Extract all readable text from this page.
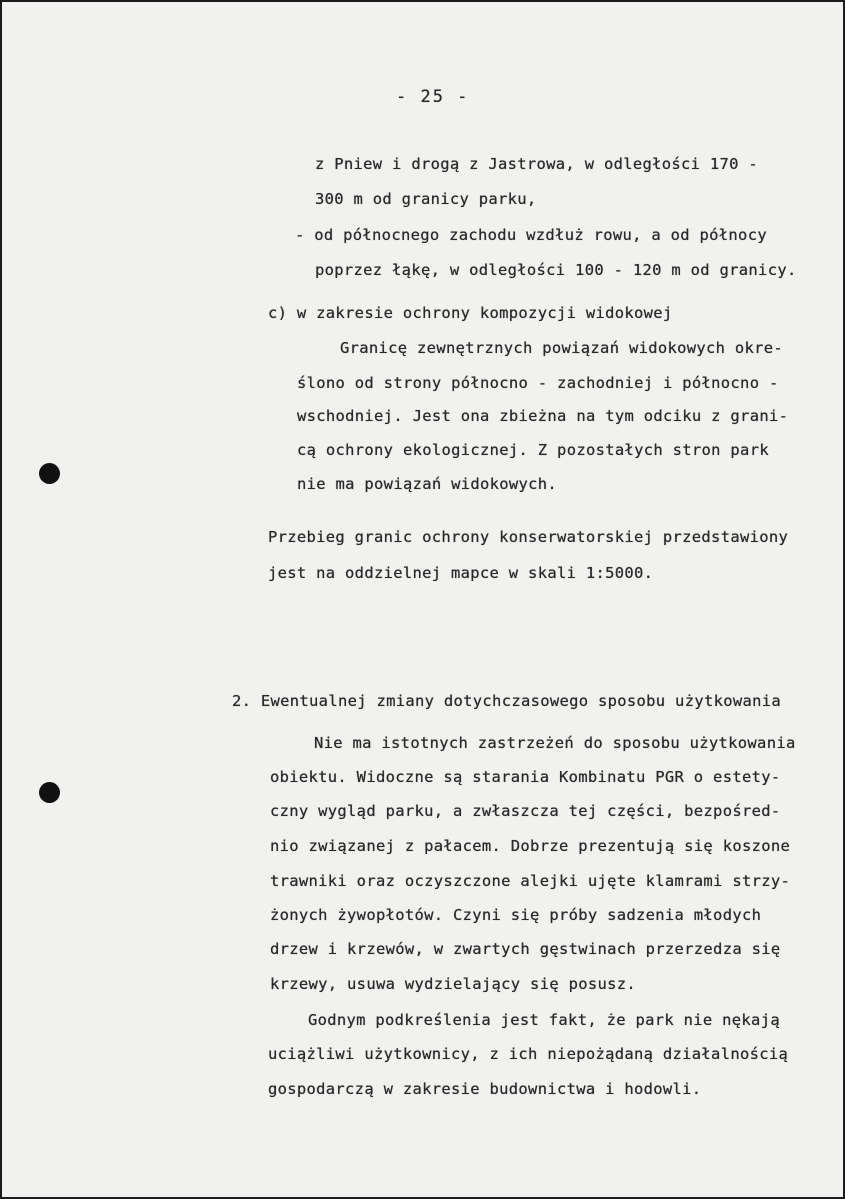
- 25 -
z Pniew i drogą z Jastrowa, w odległości 170 -
300 m od granicy parku,
- od północnego zachodu wzdłuż rowu, a od północy
poprzez łąkę, w odległości 100 - 120 m od granicy.
c) w zakresie ochrony kompozycji widokowej
Granicę zewnętrznych powiązań widokowych okre-
ślono od strony północno - zachodniej i północno -
wschodniej. Jest ona zbieżna na tym odciku z grani-
cą ochrony ekologicznej. Z pozostałych stron park
nie ma powiązań widokowych.
Przebieg granic ochrony konserwatorskiej przedstawiony
jest na oddzielnej mapce w skali 1:5000.
2. Ewentualnej zmiany dotychczasowego sposobu użytkowania
Nie ma istotnych zastrzeżeń do sposobu użytkowania
obiektu. Widoczne są starania Kombinatu PGR o estety-
czny wygląd parku, a zwłaszcza tej części, bezpośred-
nio związanej z pałacem. Dobrze prezentują się koszone
trawniki oraz oczyszczone alejki ujęte klamrami strzy-
żonych żywopłotów. Czyni się próby sadzenia młodych
drzew i krzewów, w zwartych gęstwinach przerzedza się
krzewy, usuwa wydzielający się posusz.
Godnym podkreślenia jest fakt, że park nie nękają
uciążliwi użytkownicy, z ich niepożądaną działalnością
gospodarczą w zakresie budownictwa i hodowli.
